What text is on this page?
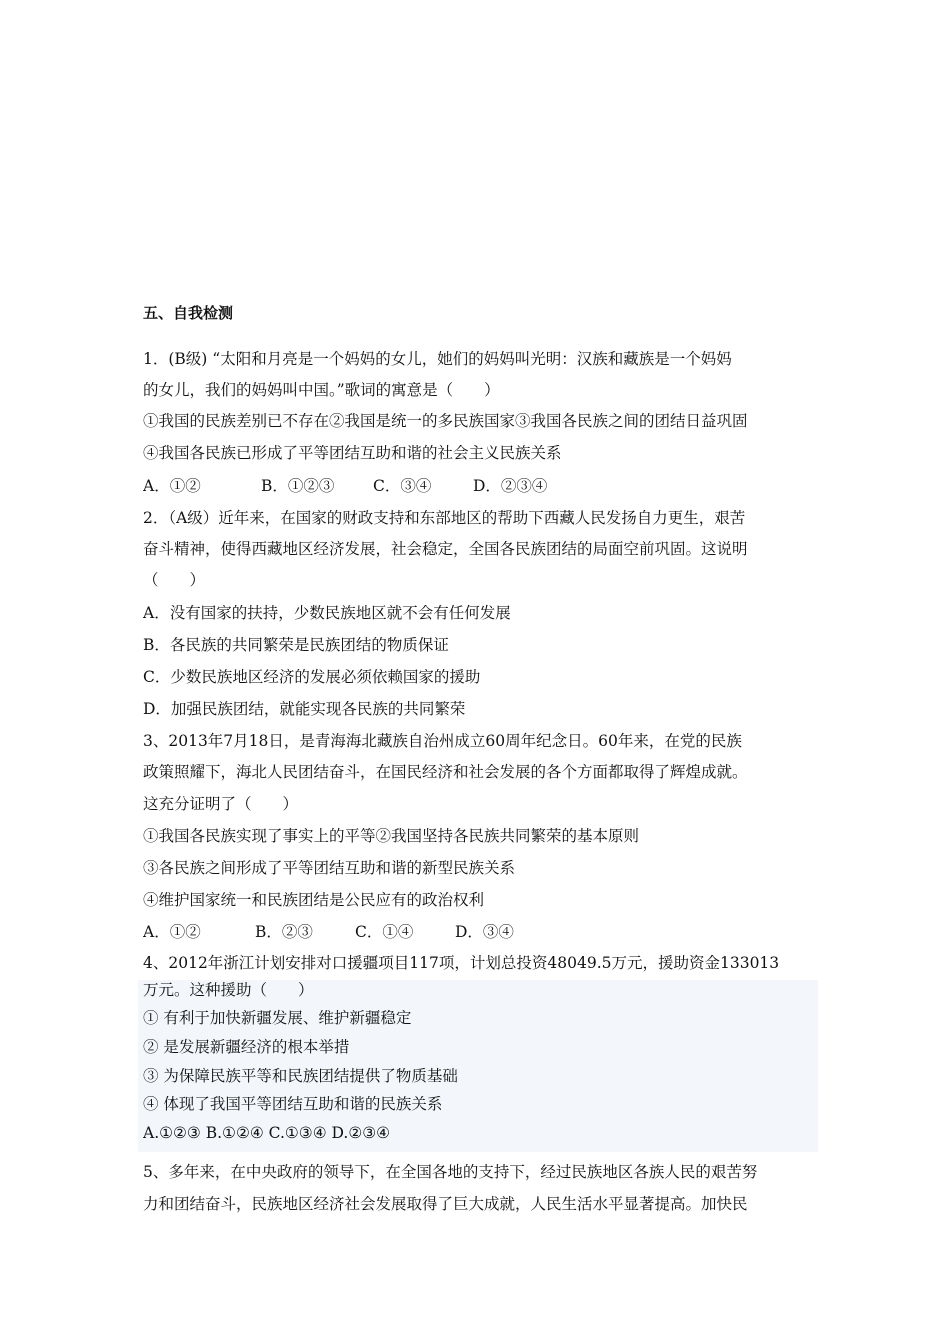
五、自我检测
1．(B级) “太阳和月亮是一个妈妈的女儿，她们的妈妈叫光明：汉族和藏族是一个妈妈
的女儿，我们的妈妈叫中国。”歌词的寓意是（　　）
①我国的民族差别已不存在②我国是统一的多民族国家③我国各民族之间的团结日益巩固
④我国各民族已形成了平等团结互助和谐的社会主义民族关系
A．①②	B．①②③ C．③④	D．②③④
2．（A级）近年来，在国家的财政支持和东部地区的帮助下西藏人民发扬自力更生，艰苦
奋斗精神，使得西藏地区经济发展，社会稳定，全国各民族团结的局面空前巩固。这说明
（　　）
A．没有国家的扶持，少数民族地区就不会有任何发展
B．各民族的共同繁荣是民族团结的物质保证
C．少数民族地区经济的发展必须依赖国家的援助
D．加强民族团结，就能实现各民族的共同繁荣
3、2013年7月18日，是青海海北藏族自治州成立60周年纪念日。60年来，在党的民族
政策照耀下，海北人民团结奋斗，在国民经济和社会发展的各个方面都取得了辉煌成就。
这充分证明了（　　）
①我国各民族实现了事实上的平等②我国坚持各民族共同繁荣的基本原则
③各民族之间形成了平等团结互助和谐的新型民族关系
④维护国家统一和民族团结是公民应有的政治权利
A．①②	B．②③	C．①④	D．③④
4、2012年浙江计划安排对口援疆项目117项，计划总投资48049.5万元，援助资金133013
万元。这种援助（　　）
① 有利于加快新疆发展、维护新疆稳定
② 是发展新疆经济的根本举措
③ 为保障民族平等和民族团结提供了物质基础
④ 体现了我国平等团结互助和谐的民族关系
A.①②③ B.①②④ C.①③④ D.②③④
5、多年来，在中央政府的领导下，在全国各地的支持下，经过民族地区各族人民的艰苦努
力和团结奋斗，民族地区经济社会发展取得了巨大成就，人民生活水平显著提高。加快民
